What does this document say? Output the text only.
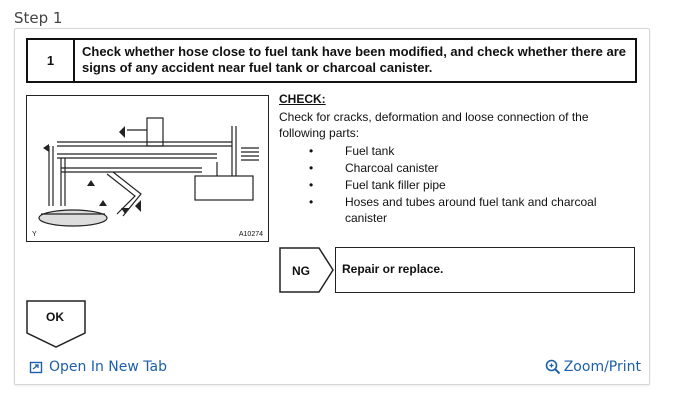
Step 1
1
Check whether hose close to fuel tank have been modified, and check whether there are signs of any accident near fuel tank or charcoal canister.
Y	A10274
CHECK:
Check for cracks, deformation and loose connection of the following parts:
•	Fuel tank
•	Charcoal canister
•	Fuel tank filler pipe
•	Hoses and tubes around fuel tank and charcoal canister
NG	Repair or replace.
OK
Open In New Tab	Zoom/Print
